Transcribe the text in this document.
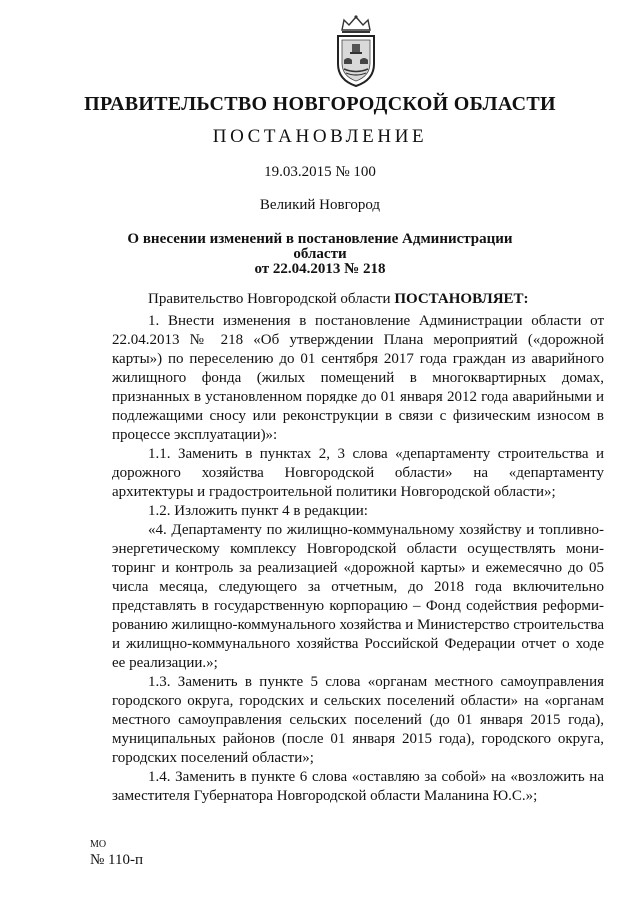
ПРАВИТЕЛЬСТВО НОВГОРОДСКОЙ ОБЛАСТИ
ПОСТАНОВЛЕНИЕ
19.03.2015 № 100
Великий Новгород
О внесении изменений в постановление Администрации области
от 22.04.2013 № 218

Правительство Новгородской области ПОСТАНОВЛЯЕТ:

1. Внести изменения в постановление Администрации области от 22.04.2013 № 218 «Об утверждении Плана мероприятий («дорожной карты») по переселению до 01 сентября 2017 года граждан из аварийного жилищного фонда (жилых помещений в многоквартирных домах, признанных в установленном порядке до 01 января 2012 года аварийными и подлежащими сносу или реконструкции в связи с физическим износом в процессе эксплуатации)»:

1.1. Заменить в пунктах 2, 3 слова «департаменту строительства и дорожного хозяйства Новгородской области» на «департаменту архитектуры и градостроительной политики Новгородской области»;

1.2. Изложить пункт 4 в редакции:

«4. Департаменту по жилищно-коммунальному хозяйству и топливно-энергетическому комплексу Новгородской области осуществлять мони-торинг и контроль за реализацией «дорожной карты» и ежемесячно до 05 числа месяца, следующего за отчетным, до 2018 года включительно представлять в государственную корпорацию – Фонд содействия реформи-рованию жилищно-коммунального хозяйства и Министерство строительства и жилищно-коммунального хозяйства Российской Федерации отчет о ходе ее реализации.»;

1.3. Заменить в пункте 5 слова «органам местного самоуправления городского округа, городских и сельских поселений области» на «органам местного самоуправления сельских поселений (до 01 января 2015 года), муниципальных районов (после 01 января 2015 года), городского округа, городских поселений области»;

1.4. Заменить в пункте 6 слова «оставляю за собой» на «возложить на заместителя Губернатора Новгородской области Маланина Ю.С.»;

МО
№ 110-п
